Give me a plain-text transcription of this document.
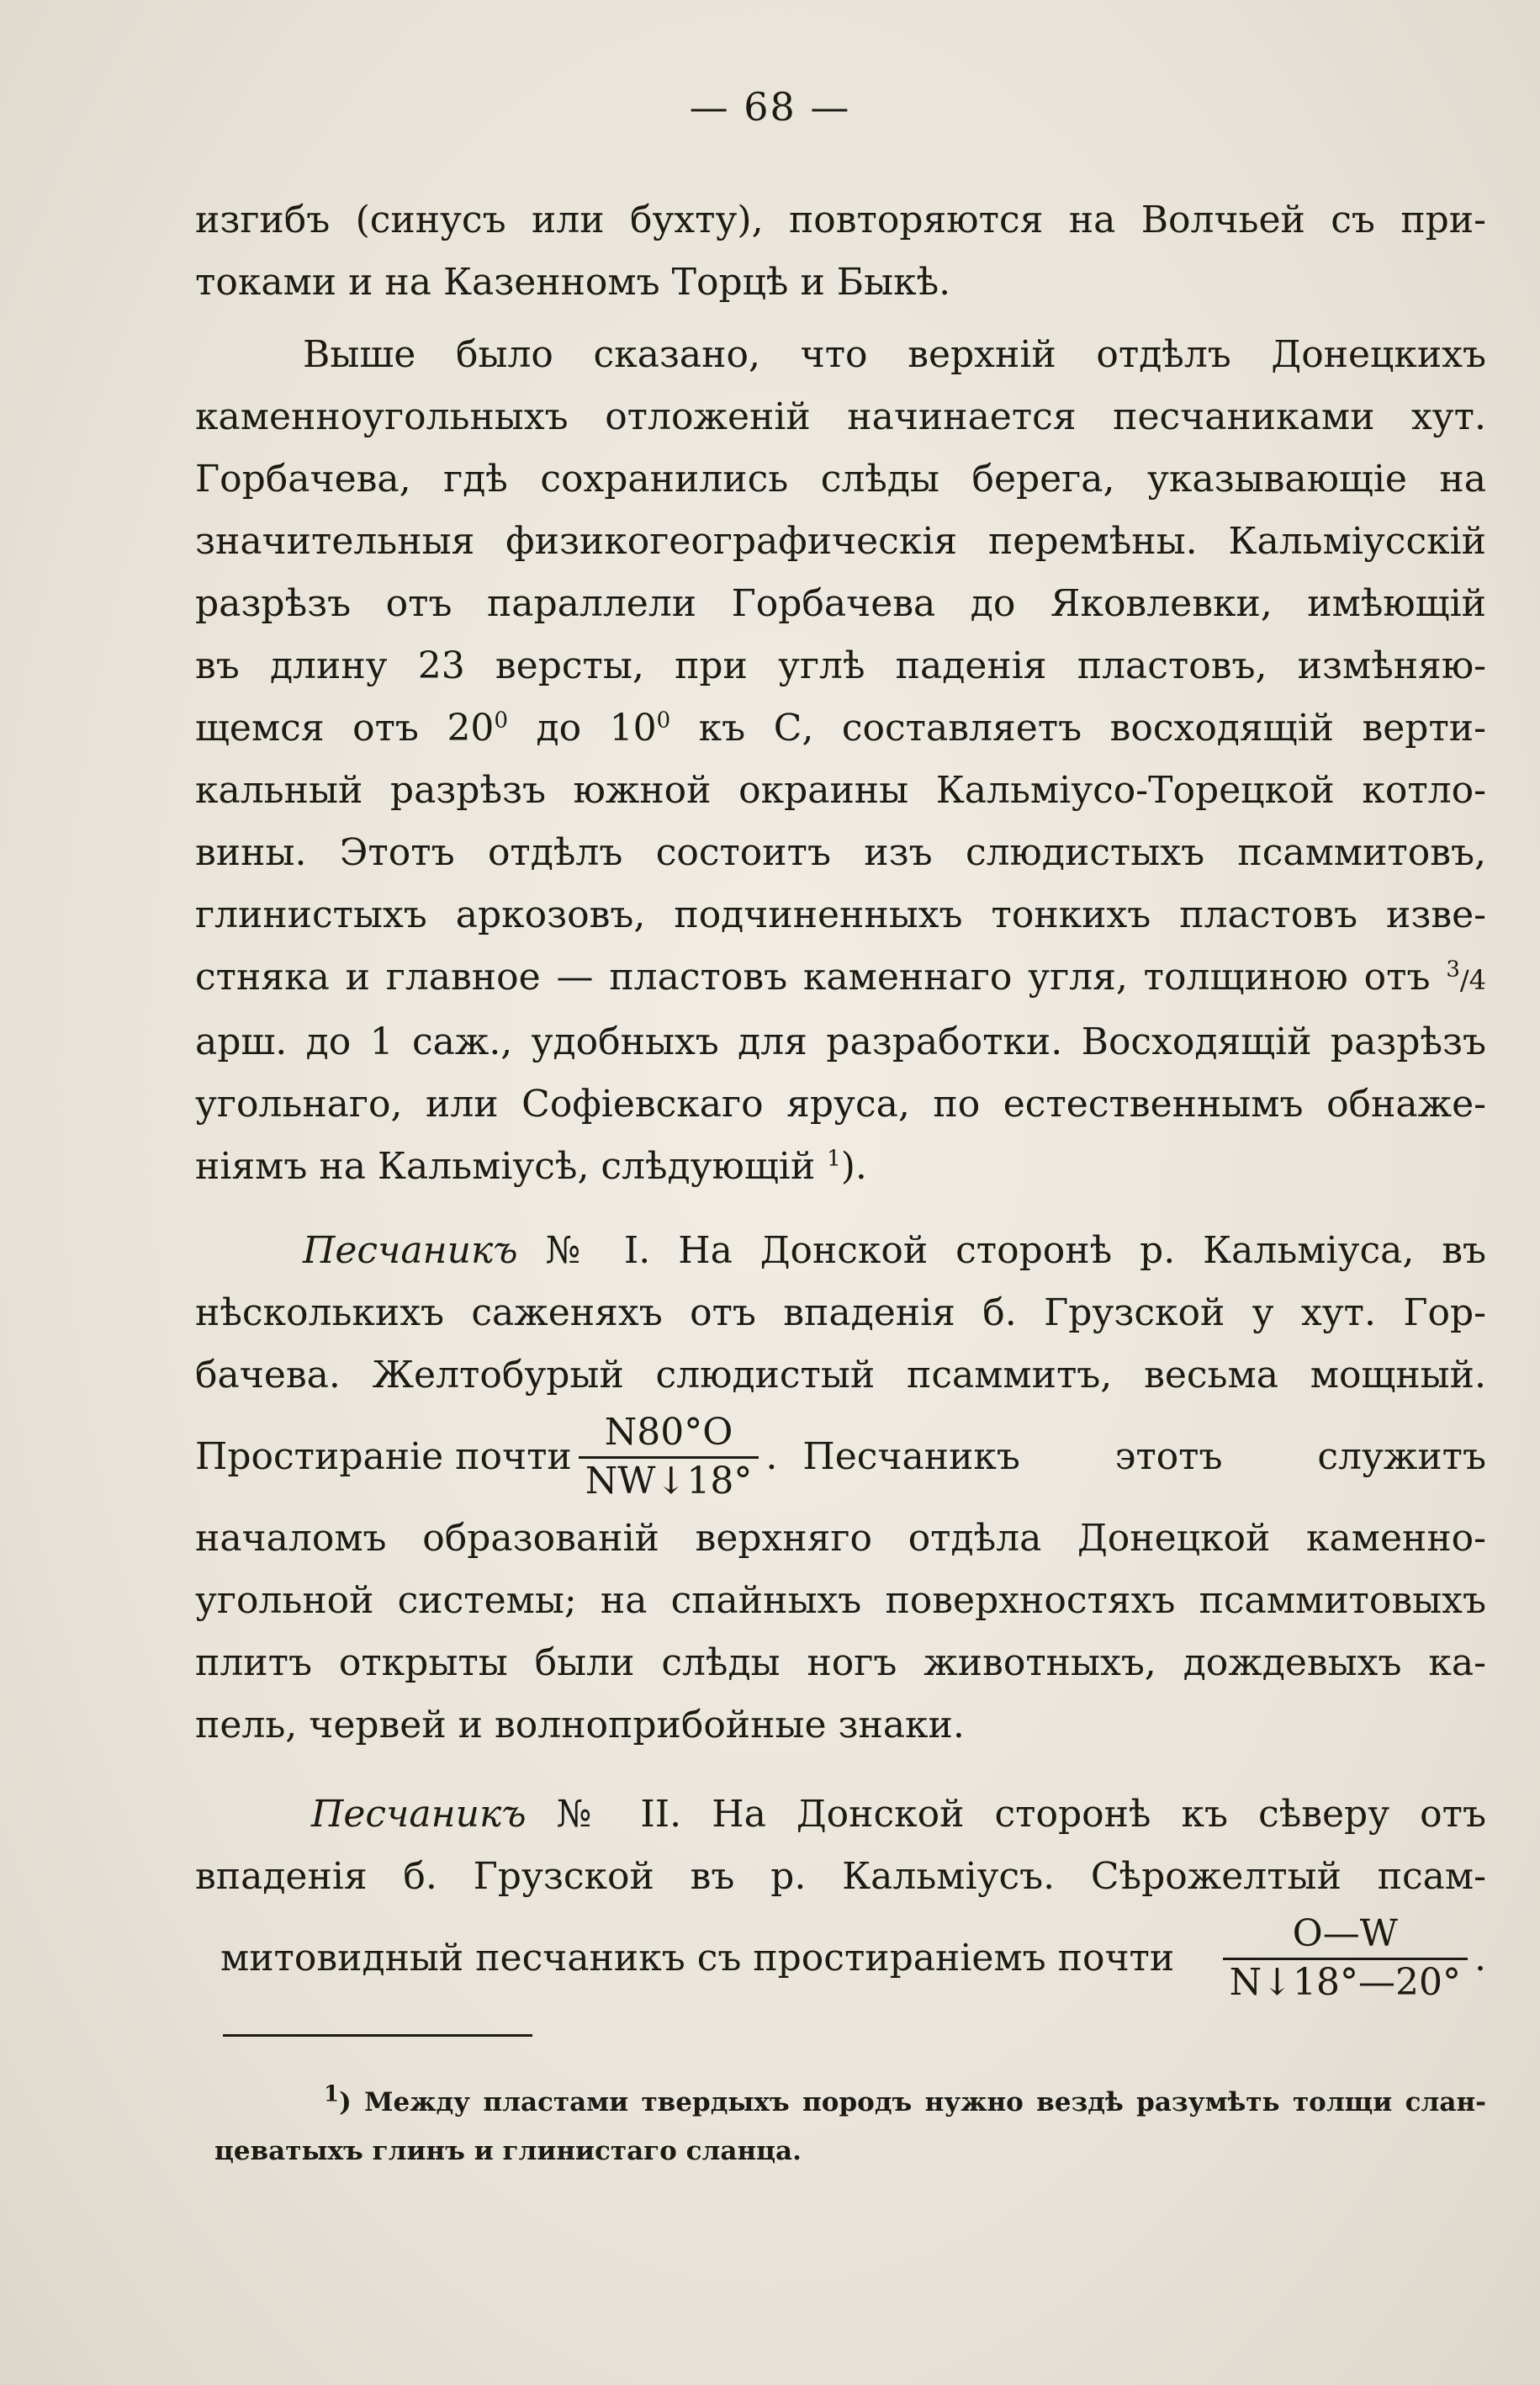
— 68 —
изгибъ (синусъ или бухту), повторяются на Волчьей съ при-
токами и на Казенномъ Торцѣ и Быкѣ.
Выше было сказано, что верхній отдѣлъ Донецкихъ
каменноугольныхъ отложеній начинается песчаниками хут.
Горбачева, гдѣ сохранились слѣды берега, указывающіе на
значительныя физикогеографическія перемѣны. Кальміусскій
разрѣзъ отъ параллели Горбачева до Яковлевки, имѣющій
въ длину 23 версты, при углѣ паденія пластовъ, измѣняю-
щемся отъ $20^0$ до $10^0$ къ С, составляетъ восходящій верти-
кальный разрѣзъ южной окраины Кальміусо-Торецкой котло-
вины. Этотъ отдѣлъ состоитъ изъ слюдистыхъ псаммитовъ,
глинистыхъ аркозовъ, подчиненныхъ тонкихъ пластовъ изве-
стняка и главное — пластовъ каменнаго угля, толщиною отъ $^3$/4
арш. до 1 саж., удобныхъ для разработки. Восходящій разрѣзъ
угольнаго, или Софіевскаго яруса, по естественнымъ обнаже-
ніямъ на Кальміусѣ, слѣдующій $^1$).
Песчаникъ № I. На Донской сторонѣ р. Кальміуса, въ
нѣсколькихъ саженяхъ отъ впаденія б. Грузской у хут. Гор-
бачева. Желтобурый слюдистый псаммитъ, весьма мощный.
Простираніе почти $\frac{N80^\circ O}{NW↓18^\circ}$ . Песчаникъ этотъ служитъ
началомъ образованій верхняго отдѣла Донецкой каменно-
угольной системы; на спайныхъ поверхностяхъ псаммитовыхъ
плитъ открыты были слѣды ногъ животныхъ, дождевыхъ ка-
пель, червей и волноприбойные знаки.
Песчаникъ № II. На Донской сторонѣ къ сѣверу отъ
впаденія б. Грузской въ р. Кальміусъ. Сѣрожелтый псам-
митовидный песчаникъ съ простираніемъ почти $\frac{O—W}{N↓18^\circ—20^\circ}$ .
$^1$) Между пластами твердыхъ породъ нужно вездѣ разумѣть толщи слан-
цеватыхъ глинъ и глинистаго сланца.
